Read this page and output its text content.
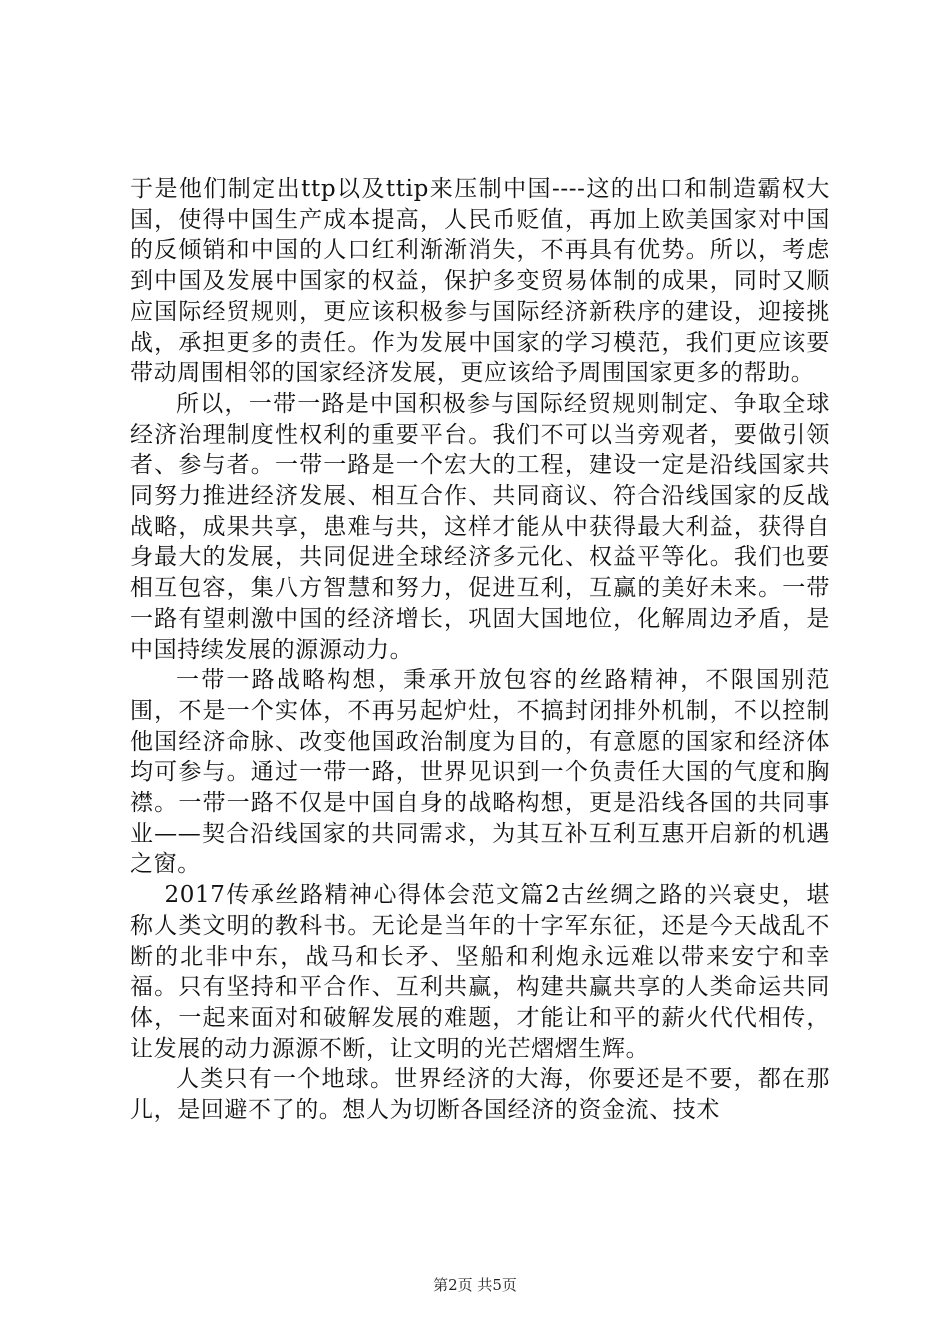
于是他们制定出ttp以及ttip来压制中国----这的出口和制造霸权大国，使得中国生产成本提高，人民币贬值，再加上欧美国家对中国的反倾销和中国的人口红利渐渐消失，不再具有优势。所以，考虑到中国及发展中国家的权益，保护多变贸易体制的成果，同时又顺应国际经贸规则，更应该积极参与国际经济新秩序的建设，迎接挑战，承担更多的责任。作为发展中国家的学习模范，我们更应该要带动周围相邻的国家经济发展，更应该给予周围国家更多的帮助。

所以，一带一路是中国积极参与国际经贸规则制定、争取全球经济治理制度性权利的重要平台。我们不可以当旁观者，要做引领者、参与者。一带一路是一个宏大的工程，建设一定是沿线国家共同努力推进经济发展、相互合作、共同商议、符合沿线国家的反战战略，成果共享，患难与共，这样才能从中获得最大利益，获得自身最大的发展，共同促进全球经济多元化、权益平等化。我们也要相互包容，集八方智慧和努力，促进互利，互赢的美好未来。一带一路有望刺激中国的经济增长，巩固大国地位，化解周边矛盾，是中国持续发展的源源动力。

一带一路战略构想，秉承开放包容的丝路精神，不限国别范围，不是一个实体，不再另起炉灶，不搞封闭排外机制，不以控制他国经济命脉、改变他国政治制度为目的，有意愿的国家和经济体均可参与。通过一带一路，世界见识到一个负责任大国的气度和胸襟。一带一路不仅是中国自身的战略构想，更是沿线各国的共同事业——契合沿线国家的共同需求，为其互补互利互惠开启新的机遇之窗。

2017传承丝路精神心得体会范文篇2古丝绸之路的兴衰史，堪称人类文明的教科书。无论是当年的十字军东征，还是今天战乱不断的北非中东，战马和长矛、坚船和利炮永远难以带来安宁和幸福。只有坚持和平合作、互利共赢，构建共赢共享的人类命运共同体，一起来面对和破解发展的难题，才能让和平的薪火代代相传，让发展的动力源源不断，让文明的光芒熠熠生辉。

人类只有一个地球。世界经济的大海，你要还是不要，都在那儿，是回避不了的。想人为切断各国经济的资金流、技术

第2页 共5页
